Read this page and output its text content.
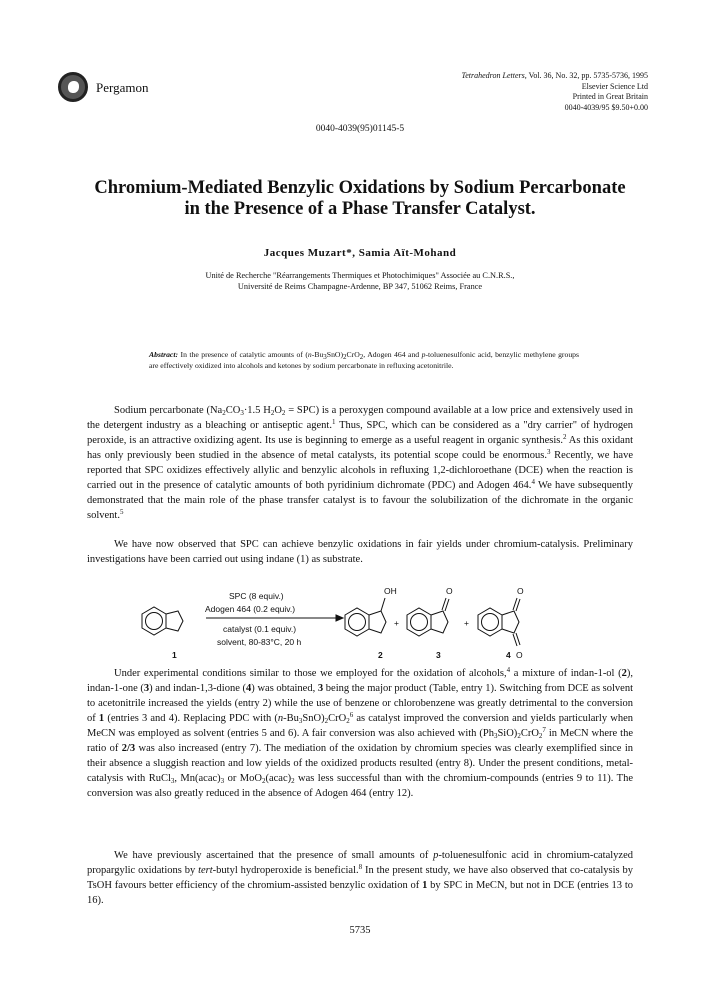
Pergamon
Tetrahedron Letters, Vol. 36, No. 32, pp. 5735-5736, 1995
Elsevier Science Ltd
Printed in Great Britain
0040-4039/95 $9.50+0.00
0040-4039(95)01145-5
Chromium-Mediated Benzylic Oxidations by Sodium Percarbonate
in the Presence of a Phase Transfer Catalyst.
Jacques Muzart*, Samia Aït-Mohand
Unité de Recherche "Réarrangements Thermiques et Photochimiques" Associée au C.N.R.S.,
Université de Reims Champagne-Ardenne, BP 347, 51062 Reims, France
Abstract: In the presence of catalytic amounts of $(n-Bu_3SnO)_2CrO_2$, Adogen 464 and p-toluenesulfonic acid, benzylic methylene groups are effectively oxidized into alcohols and ketones by sodium percarbonate in refluxing acetonitrile.
Sodium percarbonate ($Na_2CO_3\cdot 1.5$ $H_2O_2 = SPC$) is a peroxygen compound available at a low price and extensively used in the detergent industry as a bleaching or antiseptic agent.$^1$ Thus, SPC, which can be considered as a "dry carrier" of hydrogen peroxide, is an attractive oxidizing agent. Its use is beginning to emerge as a useful reagent in organic synthesis.$^2$ As this oxidant has only previously been studied in the absence of metal catalysts, its potential scope could be enormous.$^3$ Recently, we have reported that SPC oxidizes effectively allylic and benzylic alcohols in refluxing 1,2-dichloroethane (DCE) when the reaction is carried out in the presence of catalytic amounts of both pyridinium dichromate (PDC) and Adogen 464.$^4$ We have subsequently demonstrated that the main role of the phase transfer catalyst is to favour the solubilization of the dichromate in the organic solvent.$^5$
We have now observed that SPC can achieve benzylic oxidations in fair yields under chromium-catalysis. Preliminary investigations have been carried out using indane (1) as substrate.
1
SPC (8 equiv.)
Adogen 464 (0.2 equiv.)
catalyst (0.1 equiv.)
solvent, 80-83°C, 20 h
OH
2
+
O
3
+
O
O
4
Under experimental conditions similar to those we employed for the oxidation of alcohols,$^4$ a mixture of indan-1-ol (2), indan-1-one (3) and indan-1,3-dione (4) was obtained, 3 being the major product (Table, entry 1). Switching from DCE as solvent to acetonitrile increased the yields (entry 2) while the use of benzene or chlorobenzene was greatly detrimental to the conversion of 1 (entries 3 and 4). Replacing PDC with $(n-Bu_3SnO)_2CrO_2^6$ as catalyst improved the conversion and yields particularly when MeCN was employed as solvent (entries 5 and 6). A fair conversion was also achieved with $(Ph_3SiO)_2CrO_2^7$ in MeCN where the ratio of 2/3 was also increased (entry 7). The mediation of the oxidation by chromium species was clearly exemplified since in their absence a sluggish reaction and low yields of the oxidized products resulted (entry 8). Under the present conditions, metal-catalysis with RuCl$_3$, $Mn(acac)_3$ or $MoO_2(acac)_2$ was less successful than with the chromium-compounds (entries 9 to 11). The conversion was also greatly reduced in the absence of Adogen 464 (entry 12).
We have previously ascertained that the presence of small amounts of p-toluenesulfonic acid in chromium-catalyzed propargylic oxidations by tert-butyl hydroperoxide is beneficial.$^8$ In the present study, we have also observed that co-catalysis by TsOH favours better efficiency of the chromium-assisted benzylic oxidation of 1 by SPC in MeCN, but not in DCE (entries 13 to 16).
5735
